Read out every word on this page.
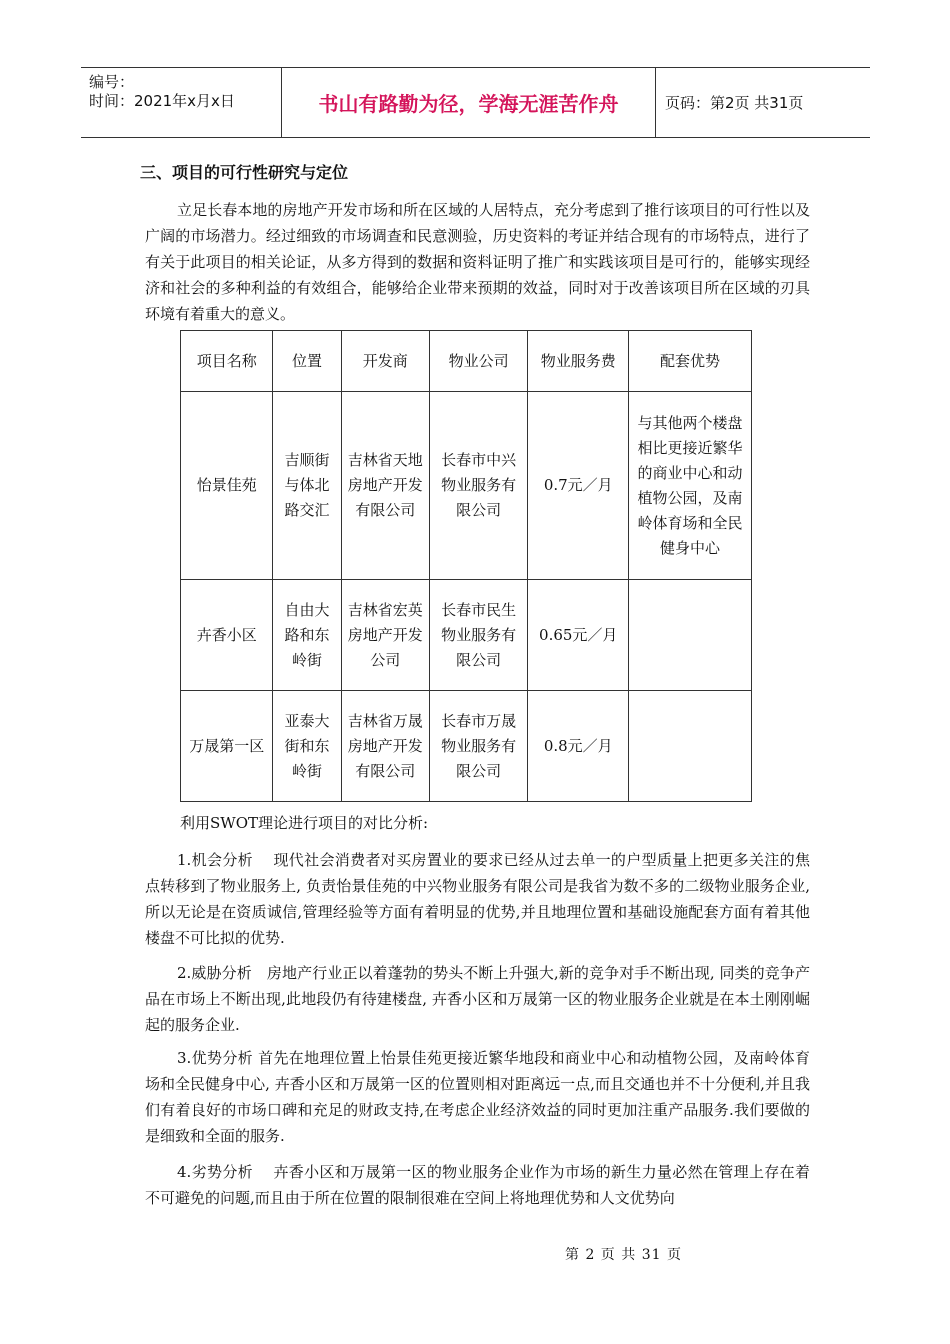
编号：
时间：2021年x月x日	书山有路勤为径，学海无涯苦作舟	页码：第2页 共31页
三、项目的可行性研究与定位

立足长春本地的房地产开发市场和所在区域的人居特点，充分考虑到了推行该项目的可行性以及广阔的市场潜力。经过细致的市场调查和民意测验，历史资料的考证并结合现有的市场特点，进行了有关于此项目的相关论证，从多方得到的数据和资料证明了推广和实践该项目是可行的，能够实现经济和社会的多种利益的有效组合，能够给企业带来预期的效益，同时对于改善该项目所在区域的刃具环境有着重大的意义。

项目名称	位置	开发商	物业公司	物业服务费	配套优势
怡景佳苑	吉顺街与体北路交汇	吉林省天地房地产开发有限公司	长春市中兴物业服务有限公司	0.7元／月	与其他两个楼盘相比更接近繁华的商业中心和动植物公园，及南岭体育场和全民健身中心
卉香小区	自由大路和东岭街	吉林省宏英房地产开发公司	长春市民生物业服务有限公司	0.65元／月	
万晟第一区	亚泰大街和东岭街	吉林省万晟房地产开发有限公司	长春市万晟物业服务有限公司	0.8元／月	
利用SWOT理论进行项目的对比分析:

1.机会分析　 现代社会消费者对买房置业的要求已经从过去单一的户型质量上把更多关注的焦点转移到了物业服务上, 负责怡景佳苑的中兴物业服务有限公司是我省为数不多的二级物业服务企业,所以无论是在资质诚信,管理经验等方面有着明显的优势,并且地理位置和基础设施配套方面有着其他楼盘不可比拟的优势.

2.威胁分析　房地产行业正以着蓬勃的势头不断上升强大,新的竞争对手不断出现, 同类的竞争产品在市场上不断出现,此地段仍有待建楼盘, 卉香小区和万晟第一区的物业服务企业就是在本土刚刚崛起的服务企业.

3.优势分析 首先在地理位置上怡景佳苑更接近繁华地段和商业中心和动植物公园，及南岭体育场和全民健身中心, 卉香小区和万晟第一区的位置则相对距离远一点,而且交通也并不十分便利,并且我们有着良好的市场口碑和充足的财政支持,在考虑企业经济效益的同时更加注重产品服务.我们要做的是细致和全面的服务.

4.劣势分析　 卉香小区和万晟第一区的物业服务企业作为市场的新生力量必然在管理上存在着不可避免的问题,而且由于所在位置的限制很难在空间上将地理优势和人文优势向

第 2 页 共 31 页
